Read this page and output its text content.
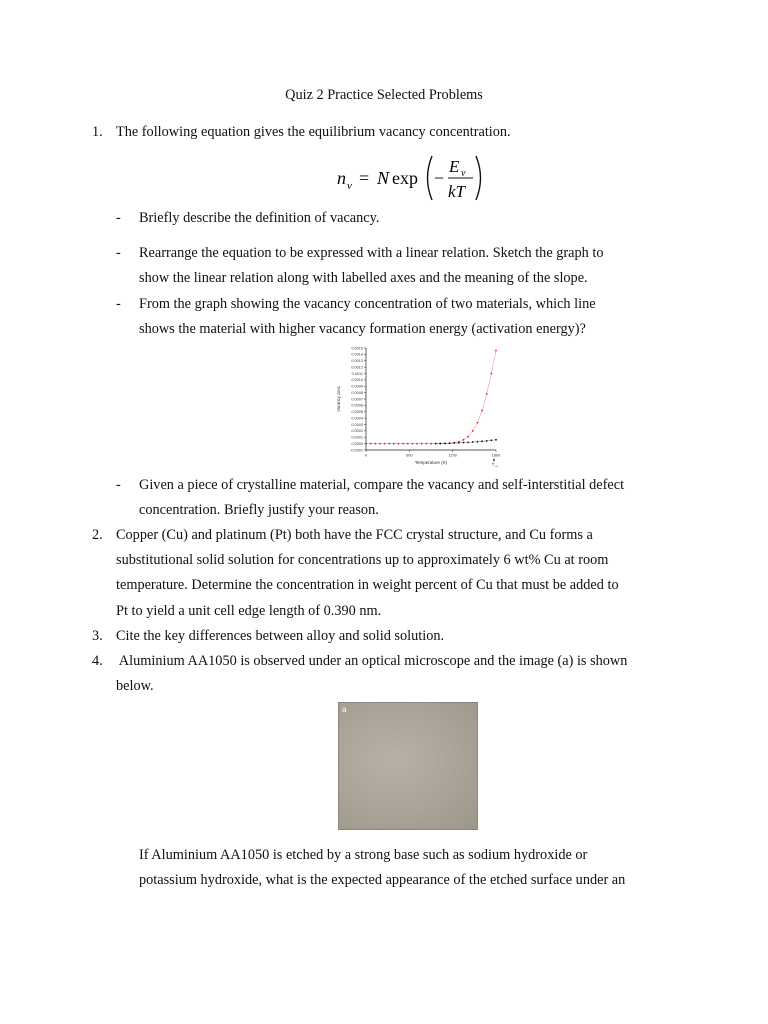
Quiz 2 Practice Selected Problems
1. The following equation gives the equilibrium vacancy concentration.
n v = N exp −
E v
kT
- Briefly describe the definition of vacancy.
- Rearrange the equation to be expressed with a linear relation. Sketch the graph to
show the linear relation along with labelled axes and the meaning of the slope.
- From the graph showing the vacancy concentration of two materials, which line
shows the material with higher vacancy formation energy (activation energy)?
-0.0001
0.0000
0.0001
0.0002
0.0003
0.0004
0.0005
0.0006
0.0007
0.0008
0.0009
0.0010
0.0011
0.0012
0.0013
0.0014
0.0015
0	600	1200	1800
▮
T m
Temperature (K)
Vacancy conc
- Given a piece of crystalline material, compare the vacancy and self-interstitial defect
concentration. Briefly justify your reason.
2. Copper (Cu) and platinum (Pt) both have the FCC crystal structure, and Cu forms a
substitutional solid solution for concentrations up to approximately 6 wt% Cu at room
temperature. Determine the concentration in weight percent of Cu that must be added to
Pt to yield a unit cell edge length of 0.390 nm.
3. Cite the key differences between alloy and solid solution.
4. Aluminium AA1050 is observed under an optical microscope and the image (a) is shown
below.
a
If Aluminium AA1050 is etched by a strong base such as sodium hydroxide or
potassium hydroxide, what is the expected appearance of the etched surface under an
